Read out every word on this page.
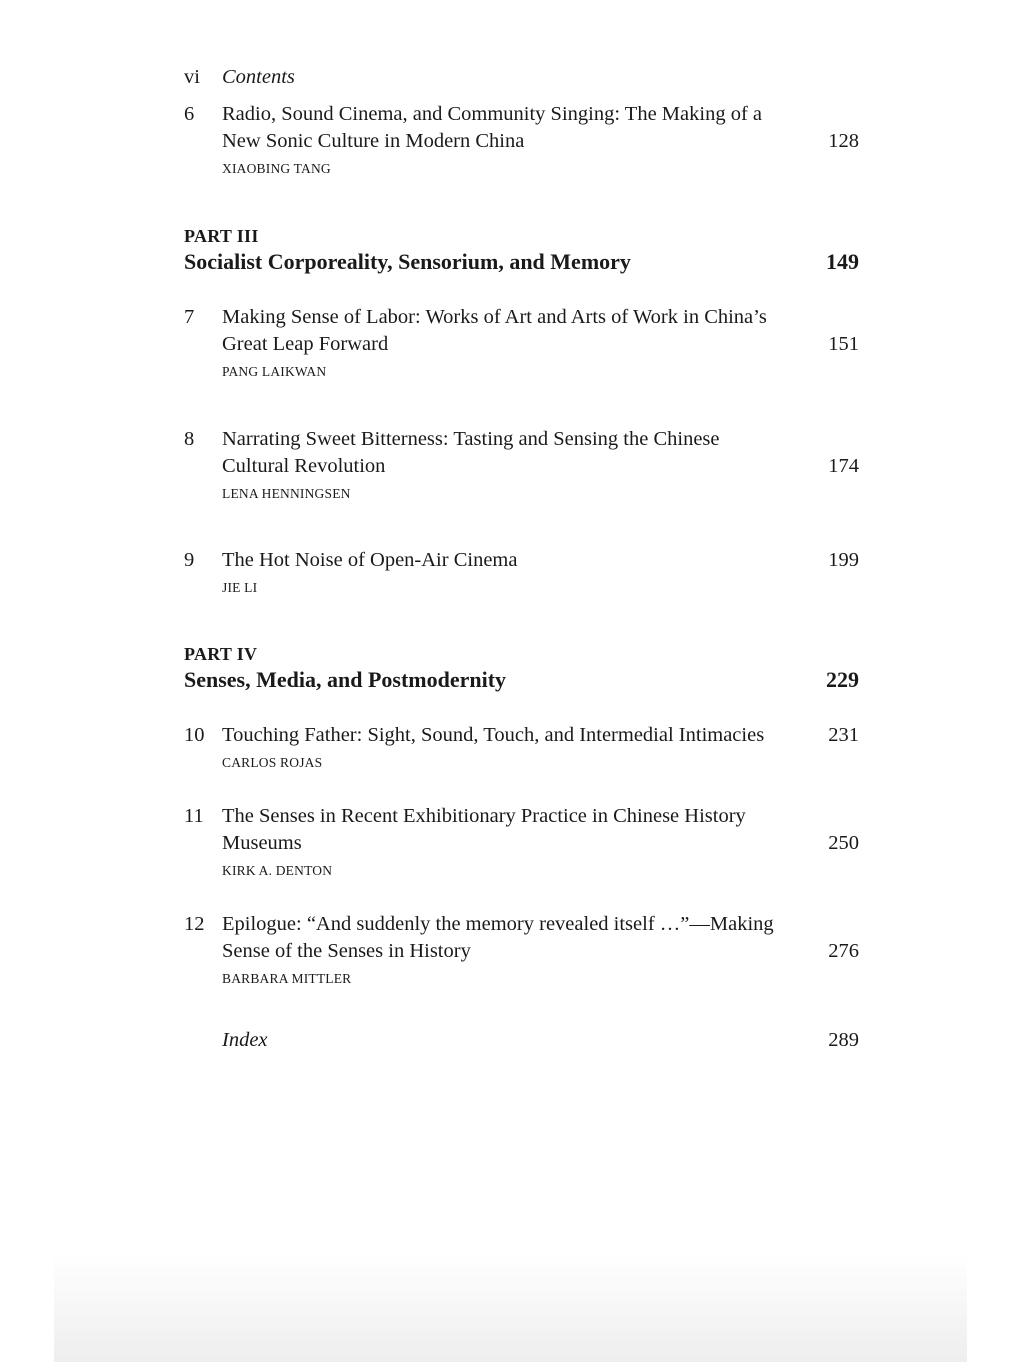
vi Contents
6 Radio, Sound Cinema, and Community Singing: The Making of a
New Sonic Culture in Modern China	128
XIAOBING TANG
PART III
Socialist Corporeality, Sensorium, and Memory	149
7 Making Sense of Labor: Works of Art and Arts of Work in China’s
Great Leap Forward	151
PANG LAIKWAN
8 Narrating Sweet Bitterness: Tasting and Sensing the Chinese
Cultural Revolution	174
LENA HENNINGSEN
9 The Hot Noise of Open-Air Cinema	199
JIE LI
PART IV
Senses, Media, and Postmodernity	229
10 Touching Father: Sight, Sound, Touch, and Intermedial Intimacies	231
CARLOS ROJAS
11 The Senses in Recent Exhibitionary Practice in Chinese History
Museums	250
KIRK A. DENTON
12 Epilogue: “And suddenly the memory revealed itself …”—Making
Sense of the Senses in History	276
BARBARA MITTLER
Index	289
